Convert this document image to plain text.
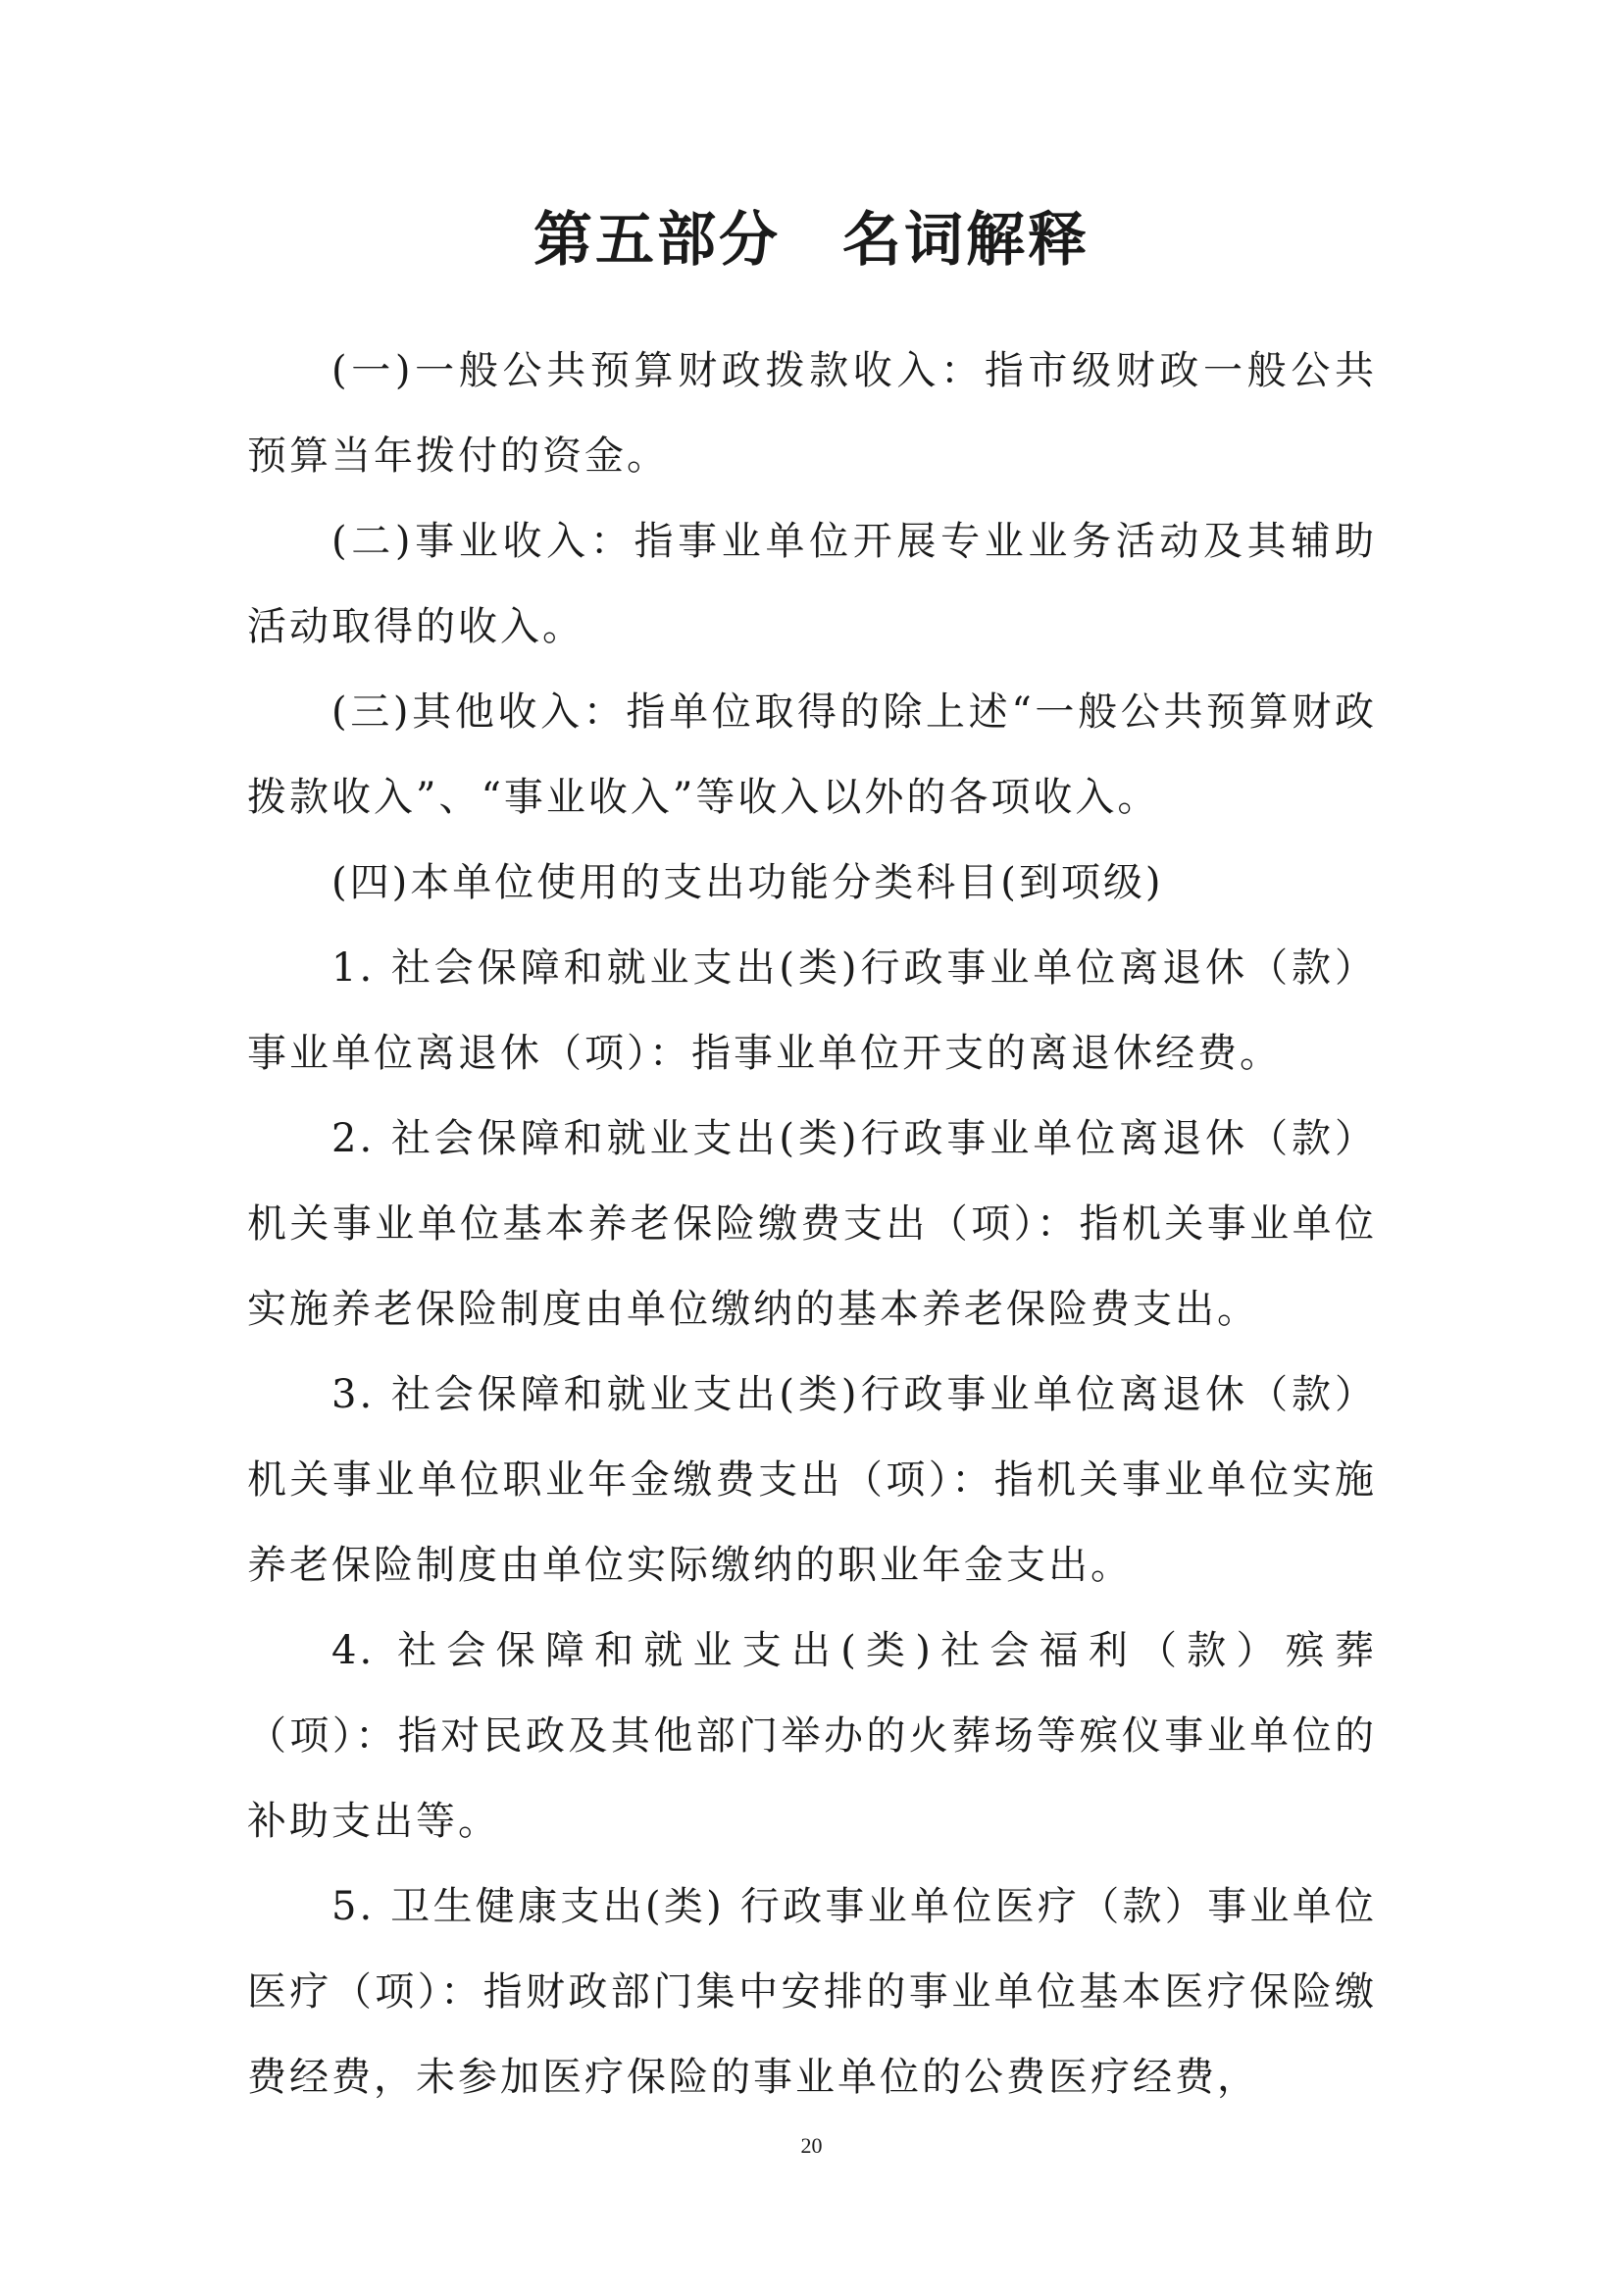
第五部分　名词解释

(一)一般公共预算财政拨款收入：指市级财政一般公共预算当年拨付的资金。

(二)事业收入：指事业单位开展专业业务活动及其辅助活动取得的收入。

(三)其他收入：指单位取得的除上述“一般公共预算财政拨款收入”、“事业收入”等收入以外的各项收入。

(四)本单位使用的支出功能分类科目(到项级)

1. 社会保障和就业支出(类)行政事业单位离退休（款）事业单位离退休（项）：指事业单位开支的离退休经费。

2. 社会保障和就业支出(类)行政事业单位离退休（款）机关事业单位基本养老保险缴费支出（项）：指机关事业单位实施养老保险制度由单位缴纳的基本养老保险费支出。

3. 社会保障和就业支出(类)行政事业单位离退休（款）机关事业单位职业年金缴费支出（项）：指机关事业单位实施养老保险制度由单位实际缴纳的职业年金支出。

4. 社会保障和就业支出(类)社会福利（款）殡葬（项）：指对民政及其他部门举办的火葬场等殡仪事业单位的补助支出等。

5. 卫生健康支出(类) 行政事业单位医疗（款）事业单位医疗（项）：指财政部门集中安排的事业单位基本医疗保险缴费经费，未参加医疗保险的事业单位的公费医疗经费，

20
